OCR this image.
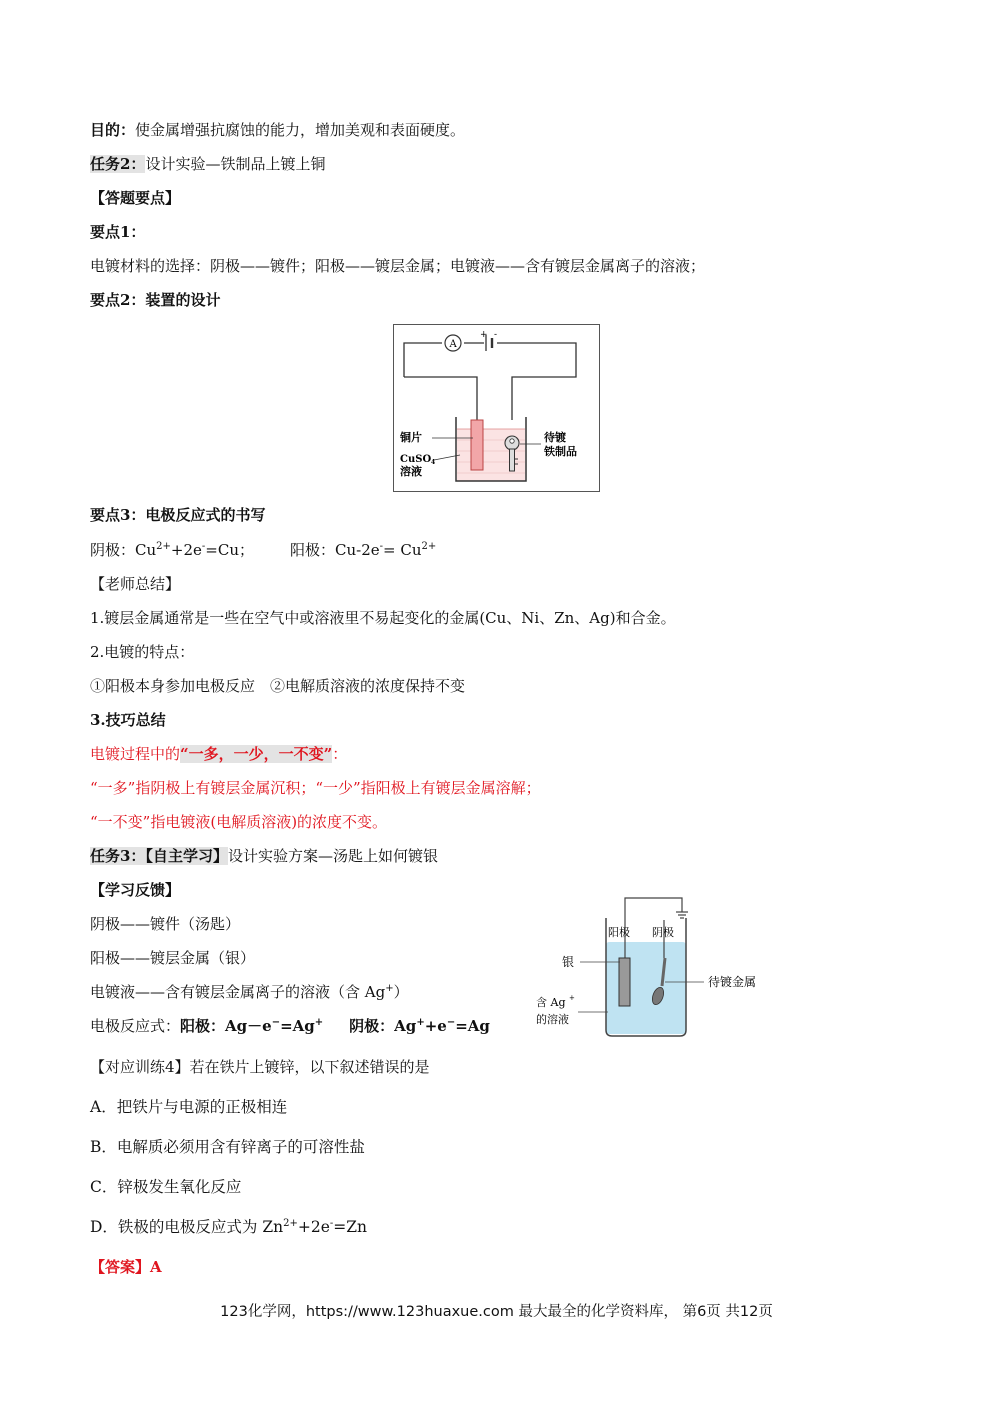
目的：使金属增强抗腐蚀的能力，增加美观和表面硬度。
任务2：设计实验—铁制品上镀上铜
【答题要点】
要点1：
电镀材料的选择：阴极——镀件；阳极——镀层金属；电镀液——含有镀层金属离子的溶液；
要点2：装置的设计
A
+ -
铜片
CuSO 4
溶液
待镀
铁制品
要点3：电极反应式的书写
阴极：$Cu^{2+}+2e^-=Cu$； 阳极：$Cu-2e^-= Cu^{2+}$
【老师总结】
1.镀层金属通常是一些在空气中或溶液里不易起变化的金属(Cu、Ni、Zn、Ag)和合金。
2.电镀的特点：
①阳极本身参加电极反应　②电解质溶液的浓度保持不变
3.技巧总结
电镀过程中的“一多，一少，一不变”：
“一多”指阴极上有镀层金属沉积；“一少”指阳极上有镀层金属溶解；
“一不变”指电镀液(电解质溶液)的浓度不变。
任务3：【自主学习】设计实验方案—汤匙上如何镀银
【学习反馈】
阴极——镀件（汤匙）
阳极——镀层金属（银）
电镀液——含有镀层金属离子的溶液（含 Ag+）
电极反应式：阳极：Ag－e−=Ag+ 阴极：Ag++e−=Ag
阳极 阴极
银
待镀金属
含 Ag +
的溶液
【对应训练4】若在铁片上镀锌，以下叙述错误的是
A．把铁片与电源的正极相连
B．电解质必须用含有锌离子的可溶性盐
C．锌极发生氧化反应
D．铁极的电极反应式为 $Zn^{2+}+2e^-=Zn$
【答案】A
123化学网，https://www.123huaxue.com 最大最全的化学资料库， 第6页 共12页
